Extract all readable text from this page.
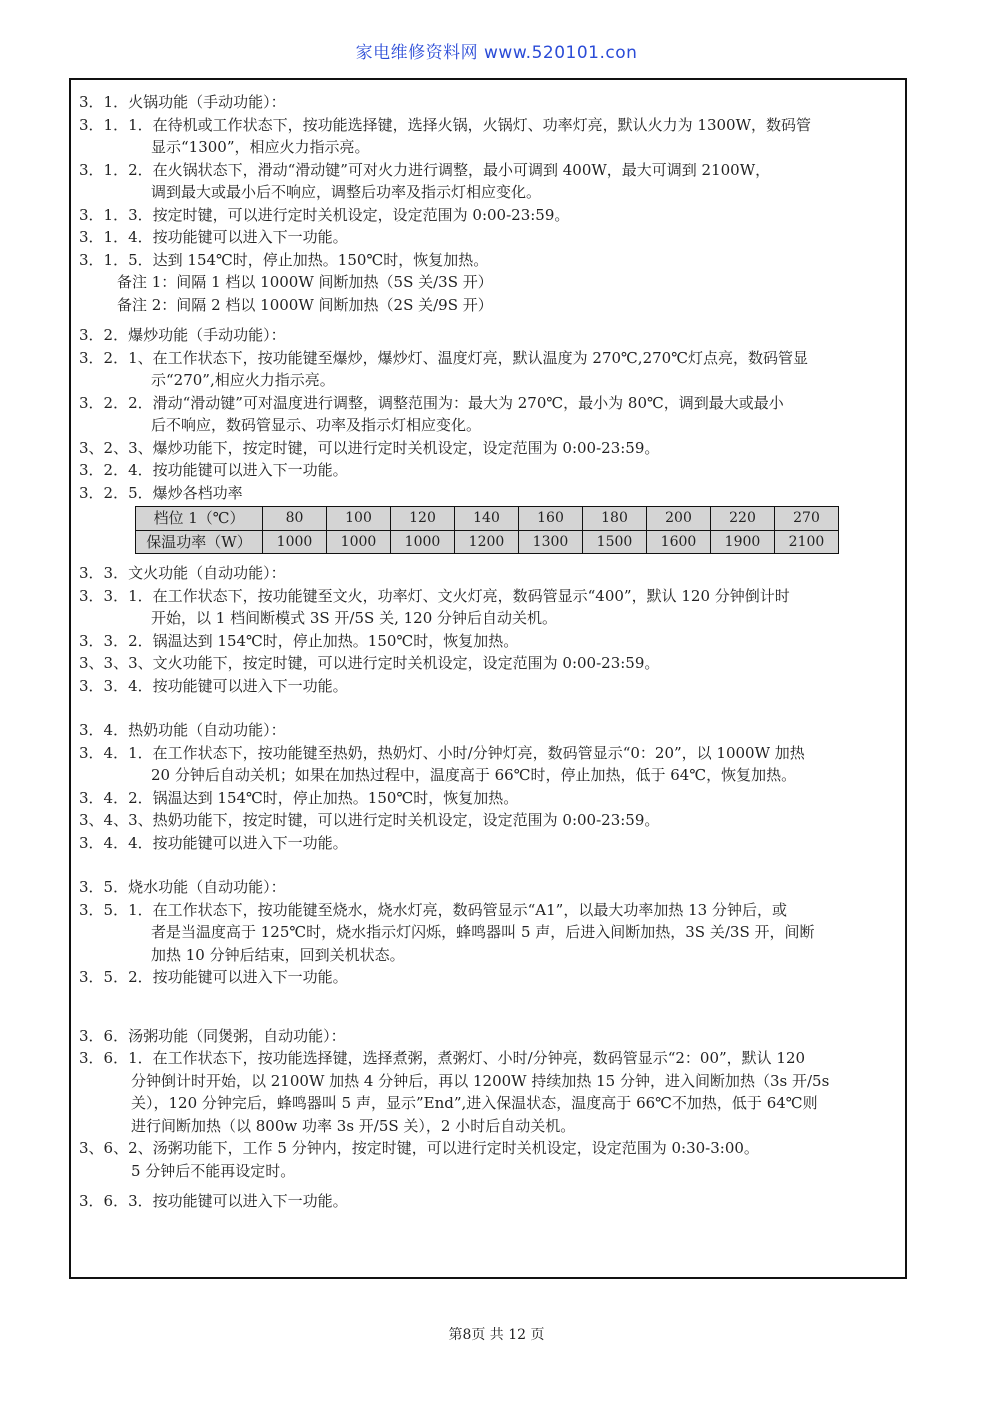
家电维修资料网 www.520101.con
3．1．火锅功能（手动功能）：
3．1．1．在待机或工作状态下，按功能选择键，选择火锅，火锅灯、功率灯亮，默认火力为 1300W，数码管
显示“1300”，相应火力指示亮。
3．1．2．在火锅状态下，滑动“滑动键”可对火力进行调整，最小可调到 400W，最大可调到 2100W，
调到最大或最小后不响应，调整后功率及指示灯相应变化。
3．1．3．按定时键，可以进行定时关机设定，设定范围为 0:00-23:59。
3．1．4．按功能键可以进入下一功能。
3．1．5．达到 154℃时，停止加热。150℃时，恢复加热。
备注 1：间隔 1 档以 1000W 间断加热（5S 关/3S 开）
备注 2：间隔 2 档以 1000W 间断加热（2S 关/9S 开）
3．2．爆炒功能（手动功能）：
3．2．1、在工作状态下，按功能键至爆炒，爆炒灯、温度灯亮，默认温度为 270℃,270℃灯点亮，数码管显
示“270”,相应火力指示亮。
3．2．2．滑动“滑动键”可对温度进行调整，调整范围为：最大为 270℃，最小为 80℃，调到最大或最小
后不响应，数码管显示、功率及指示灯相应变化。
3、2、3、爆炒功能下，按定时键，可以进行定时关机设定，设定范围为 0:00-23:59。
3．2．4．按功能键可以进入下一功能。
3．2．5．爆炒各档功率
档位 1（℃）	80	100	120	140	160	180	200	220	270
保温功率（W）	1000	1000	1000	1200	1300	1500	1600	1900	2100
3．3．文火功能（自动功能）：
3．3．1．在工作状态下，按功能键至文火，功率灯、文火灯亮，数码管显示“400”，默认 120 分钟倒计时
开始，以 1 档间断模式 3S 开/5S 关, 120 分钟后自动关机。
3．3．2．锅温达到 154℃时，停止加热。150℃时，恢复加热。
3、3、3、文火功能下，按定时键，可以进行定时关机设定，设定范围为 0:00-23:59。
3．3．4．按功能键可以进入下一功能。
3．4．热奶功能（自动功能）：
3．4．1．在工作状态下，按功能键至热奶，热奶灯、小时/分钟灯亮，数码管显示“0：20”，以 1000W 加热
20 分钟后自动关机；如果在加热过程中，温度高于 66℃时，停止加热，低于 64℃，恢复加热。
3．4．2．锅温达到 154℃时，停止加热。150℃时，恢复加热。
3、4、3、热奶功能下，按定时键，可以进行定时关机设定，设定范围为 0:00-23:59。
3．4．4．按功能键可以进入下一功能。
3．5．烧水功能（自动功能）：
3．5．1．在工作状态下，按功能键至烧水，烧水灯亮，数码管显示“A1”，以最大功率加热 13 分钟后，或
者是当温度高于 125℃时，烧水指示灯闪烁，蜂鸣器叫 5 声，后进入间断加热，3S 关/3S 开，间断
加热 10 分钟后结束，回到关机状态。
3．5．2．按功能键可以进入下一功能。
3．6．汤粥功能（同煲粥，自动功能）：
3．6．1．在工作状态下，按功能选择键，选择煮粥，煮粥灯、小时/分钟亮，数码管显示“2：00”，默认 120
分钟倒计时开始，以 2100W 加热 4 分钟后，再以 1200W 持续加热 15 分钟，进入间断加热（3s 开/5s
关），120 分钟完后，蜂鸣器叫 5 声，显示”End”,进入保温状态，温度高于 66℃不加热，低于 64℃则
进行间断加热（以 800w 功率 3s 开/5S 关），2 小时后自动关机。
3、6、2、汤粥功能下，工作 5 分钟内，按定时键，可以进行定时关机设定，设定范围为 0:30-3:00。
5 分钟后不能再设定时。
3．6．3．按功能键可以进入下一功能。
第8页 共 12 页
